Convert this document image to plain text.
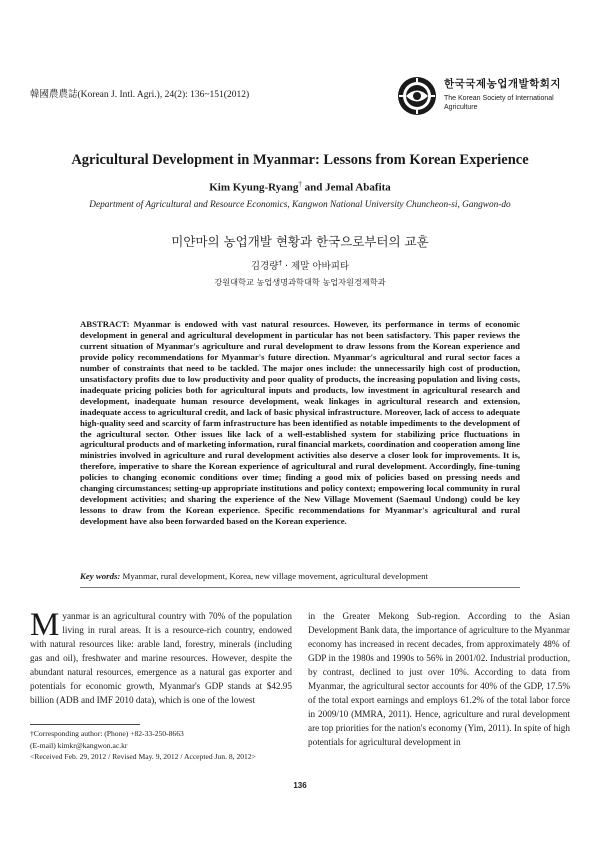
韓國農農誌(Korean J. Intl. Agri.), 24(2): 136~151(2012)
한국국제농업개발학회지
The Korean Society of International
Agriculture
Agricultural Development in Myanmar: Lessons from Korean Experience
Kim Kyung-Ryang† and Jemal Abafita
Department of Agricultural and Resource Economics, Kangwon National University Chuncheon-si, Gangwon-do
미얀마의 농업개발 현황과 한국으로부터의 교훈
김경량† · 제말 아바피타
강원대학교 농업생명과학대학 농업자원경제학과

ABSTRACT: Myanmar is endowed with vast natural resources. However, its performance in terms of economic development in general and agricultural development in particular has not been satisfactory. This paper reviews the current situation of Myanmar's agriculture and rural development to draw lessons from the Korean experience and provide policy recommendations for Myanmar's future direction. Myanmar's agricultural and rural sector faces a number of constraints that need to be tackled. The major ones include: the unnecessarily high cost of production, unsatisfactory profits due to low productivity and poor quality of products, the increasing population and living costs, inadequate pricing policies both for agricultural inputs and products, low investment in agricultural research and development, inadequate human resource development, weak linkages in agricultural research and extension, inadequate access to agricultural credit, and lack of basic physical infrastructure. Moreover, lack of access to adequate high-quality seed and scarcity of farm infrastructure has been identified as notable impediments to the development of the agricultural sector. Other issues like lack of a well-established system for stabilizing price fluctuations in agricultural products and of marketing information, rural financial markets, coordination and cooperation among line ministries involved in agriculture and rural development activities also deserve a closer look for improvements. It is, therefore, imperative to share the Korean experience of agricultural and rural development. Accordingly, fine-tuning policies to changing economic conditions over time; finding a good mix of policies based on pressing needs and changing circumstances; setting-up appropriate institutions and policy context; empowering local community in rural development activities; and sharing the experience of the New Village Movement (Saemaul Undong) could be key lessons to draw from the Korean experience. Specific recommendations for Myanmar's agricultural and rural development have also been forwarded based on the Korean experience.

Key words: Myanmar, rural development, Korea, new village movement, agricultural development

Myanmar is an agricultural country with 70% of the population living in rural areas. It is a resource-rich country, endowed with natural resources like: arable land, forestry, minerals (including gas and oil), freshwater and marine resources. However, despite the abundant natural resources, emergence as a natural gas exporter and potentials for economic growth, Myanmar's GDP stands at $42.95 billion (ADB and IMF 2010 data), which is one of the lowest

in the Greater Mekong Sub-region. According to the Asian Development Bank data, the importance of agriculture to the Myanmar economy has increased in recent decades, from approximately 48% of GDP in the 1980s and 1990s to 56% in 2001/02. Industrial production, by contrast, declined to just over 10%. According to data from Myanmar, the agricultural sector accounts for 40% of the GDP, 17.5% of the total export earnings and employs 61.2% of the total labor force in 2009/10 (MMRA, 2011). Hence, agriculture and rural development are top priorities for the nation's economy (Yim, 2011). In spite of high potentials for agricultural development in

†Corresponding author: (Phone) +82-33-250-8663
(E-mail) kimkr@kangwon.ac.kr
<Received Feb. 29, 2012 / Revised May. 9, 2012 / Accepted Jun. 8, 2012>
136
